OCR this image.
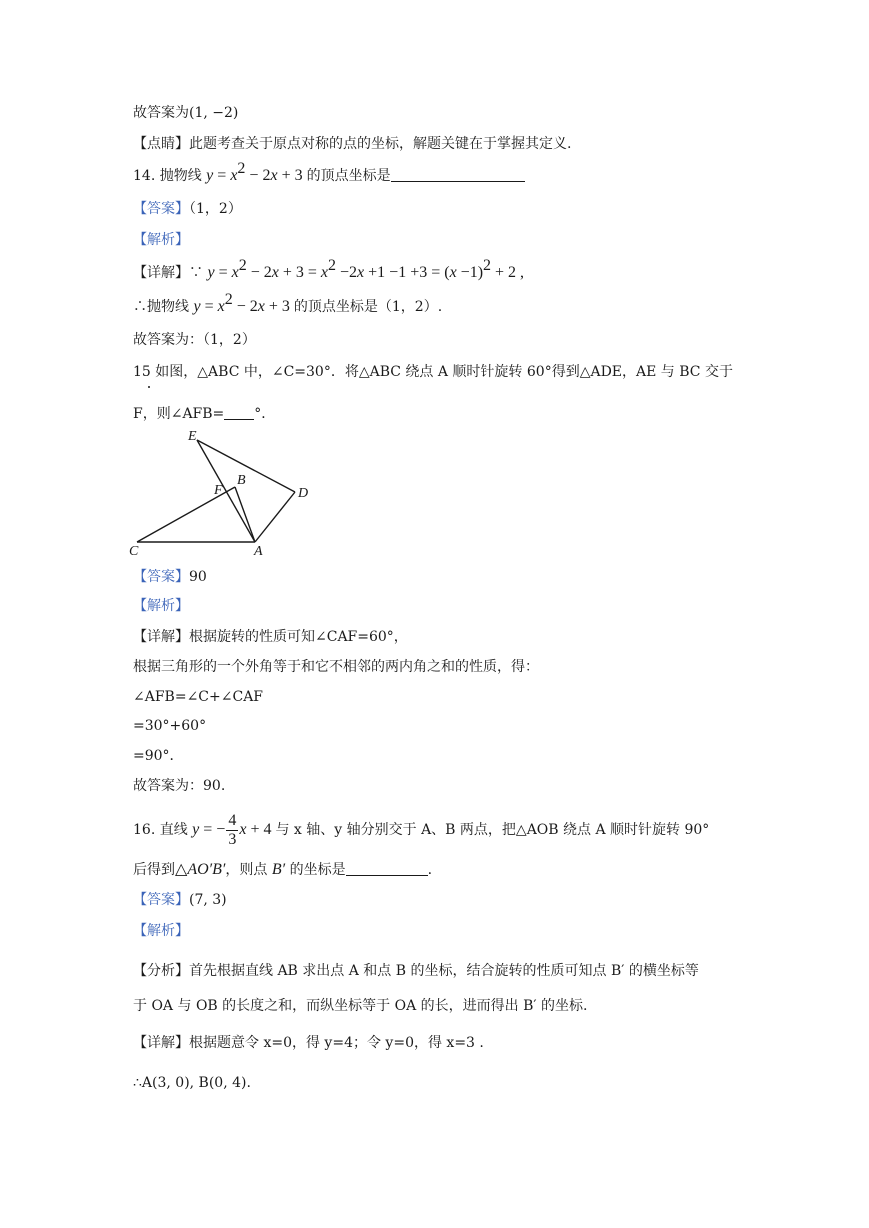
故答案为(1, −2)
【点睛】此题考查关于原点对称的点的坐标，解题关键在于掌握其定义.
14. 抛物线 $y = x^2 - 2x + 3$ 的顶点坐标是
【答案】（1，2）
【解析】
【详解】∵ $y = x^2 - 2x + 3 = x^2 -2x +1 -1 +3 = (x -1)^2 + 2$ ,
∴抛物线 $y = x^2 - 2x + 3$ 的顶点坐标是（1，2）.
故答案为：（1，2）
15 如图，△ABC 中，∠C=30°．将△ABC 绕点 A 顺时针旋转 60°得到△ADE，AE 与 BC 交于
F，则∠AFB= °．
E
F
B
D
C	A
【答案】90
【解析】
【详解】根据旋转的性质可知∠CAF=60°，
根据三角形的一个外角等于和它不相邻的两内角之和的性质，得：
∠AFB=∠C+∠CAF
=30°+60°
=90°．
故答案为：90.
16. 直线 y = − $\frac{4}{3}$ x + 4 与 x 轴、y 轴分别交于 A、B 两点，把△AOB 绕点 A 顺时针旋转 90°
后得到△AO′B′，则点 B′ 的坐标是	.
【答案】(7, 3)
【解析】
【分析】首先根据直线 AB 求出点 A 和点 B 的坐标，结合旋转的性质可知点 B′ 的横坐标等
于 OA 与 OB 的长度之和，而纵坐标等于 OA 的长，进而得出 B′ 的坐标.
【详解】根据题意令 x=0，得 y=4；令 y=0，得 x=3 .
∴A(3, 0), B(0, 4).
